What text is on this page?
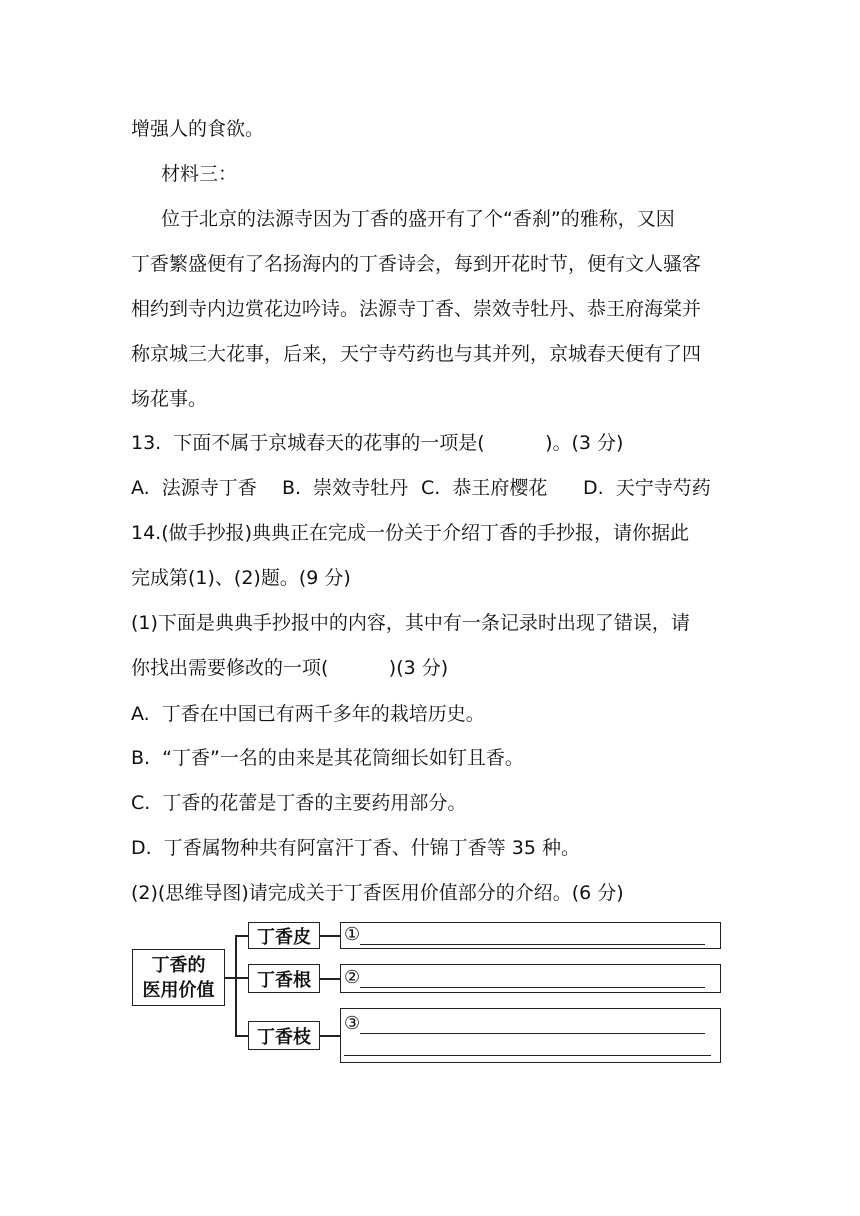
增强人的食欲。
材料三：
位于北京的法源寺因为丁香的盛开有了个“香刹”的雅称，又因
丁香繁盛便有了名扬海内的丁香诗会，每到开花时节，便有文人骚客
相约到寺内边赏花边吟诗。法源寺丁香、崇效寺牡丹、恭王府海棠并
称京城三大花事，后来，天宁寺芍药也与其并列，京城春天便有了四
场花事。
13.  下面不属于京城春天的花事的一项是(          )。(3 分)
A.  法源寺丁香 B.  崇效寺牡丹 C.  恭王府樱花 D.  天宁寺芍药
14.(做手抄报)典典正在完成一份关于介绍丁香的手抄报，请你据此
完成第(1)、(2)题。(9 分)
(1)下面是典典手抄报中的内容，其中有一条记录时出现了错误，请
你找出需要修改的一项(          )(3 分)
A.  丁香在中国已有两千多年的栽培历史。
B.  “丁香”一名的由来是其花筒细长如钉且香。
C.  丁香的花蕾是丁香的主要药用部分。
D.  丁香属物种共有阿富汗丁香、什锦丁香等 35 种。
(2)(思维导图)请完成关于丁香医用价值部分的介绍。(6 分)
丁香的
医用价值
丁香皮
丁香根
丁香枝
①
②
③
